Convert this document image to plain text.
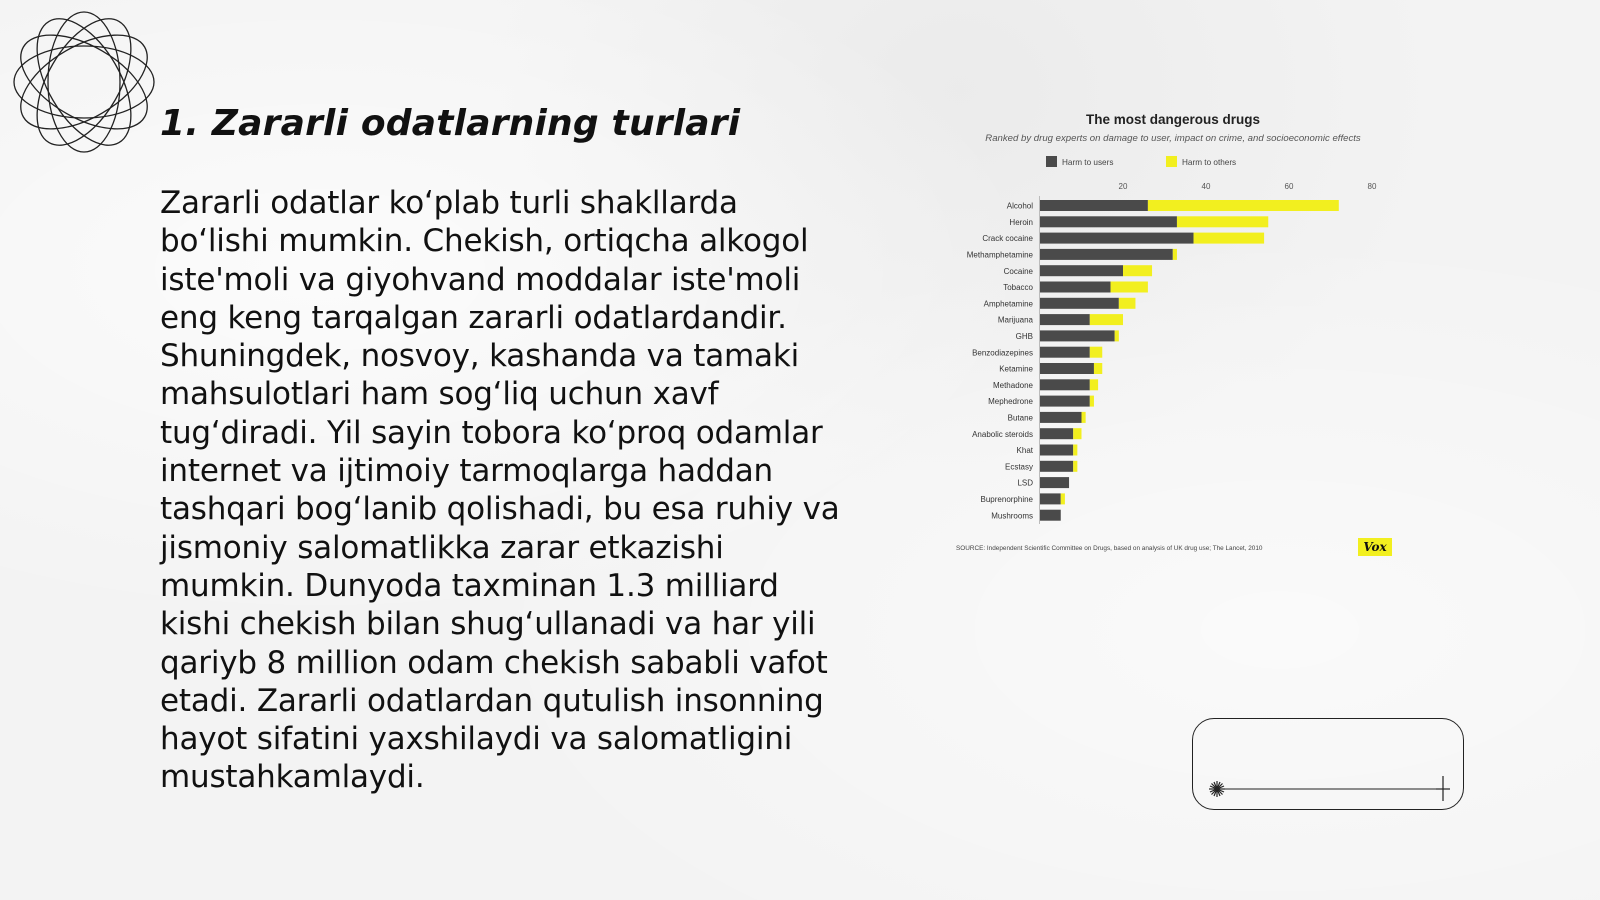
1. Zararli odatlarning turlari

Zararli odatlar ko‘plab turli shakllarda bo‘lishi mumkin. Chekish, ortiqcha alkogol iste'moli va giyohvand moddalar iste'moli eng keng tarqalgan zararli odatlardandir. Shuningdek, nosvoy, kashanda va tamaki mahsulotlari ham sog‘liq uchun xavf tug‘diradi. Yil sayin tobora ko‘proq odamlar internet va ijtimoiy tarmoqlarga haddan tashqari bog‘lanib qolishadi, bu esa ruhiy va jismoniy salomatlikka zarar etkazishi mumkin. Dunyoda taxminan 1.3 milliard kishi chekish bilan shug‘ullanadi va har yili qariyb 8 million odam chekish sababli vafot etadi. Zararli odatlardan qutulish insonning hayot sifatini yaxshilaydi va salomatligini mustahkamlaydi.

The most dangerous drugs
Ranked by drug experts on damage to user, impact on crime, and socioeconomic effects
Harm to users	Harm to others
20	40	60	80
Alcohol
Heroin
Crack cocaine
Methamphetamine
Cocaine
Tobacco
Amphetamine
Marijuana
GHB
Benzodiazepines
Ketamine
Methadone
Mephedrone
Butane
Anabolic steroids
Khat
Ecstasy
LSD
Buprenorphine
Mushrooms
SOURCE: Independent Scientific Committee on Drugs, based on analysis of UK drug use; The Lancet, 2010	Vox
